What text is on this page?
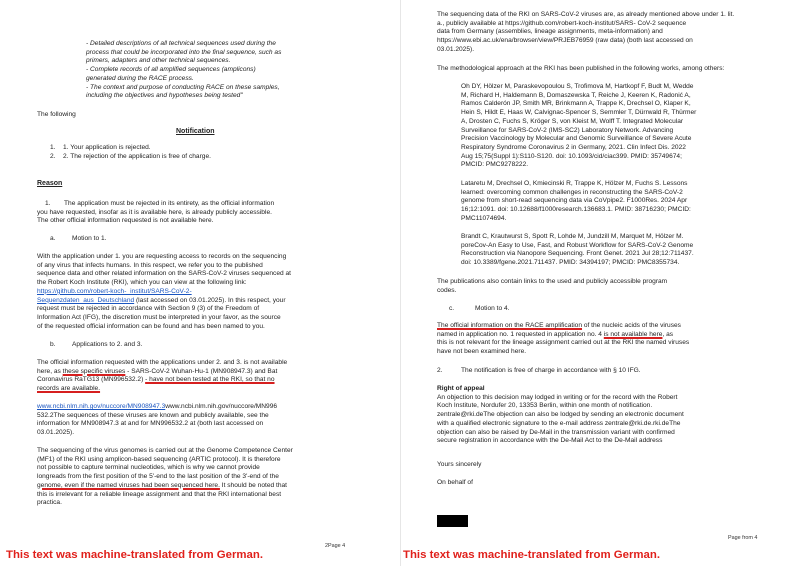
- Detailed descriptions of all technical sequences used during the

process that could be incorporated into the final sequence, such as

primers, adapters and other technical sequences.

- Complete records of all amplified sequences (amplicons)

generated during the RACE process.

- The context and purpose of conducting RACE on these samples,

including the objectives and hypotheses being tested"

The following

Notification

1. 1. Your application is rejected.

2. 2. The rejection of the application is free of charge.

Reason

1. The application must be rejected in its entirety, as the official information

you have requested, insofar as it is available here, is already publicly accessible.

The other official information requested is not available here.

a.	Motion to 1.

With the application under 1. you are requesting access to records on the sequencing

of any virus that infects humans. In this respect, we refer you to the published

sequence data and other related information on the SARS-CoV-2 viruses sequenced at

the Robert Koch Institute (RKI), which you can view at the following link:

https://github.com/robert-koch-_institut/SARS-CoV-2-

Sequenzdaten_aus_Deutschland (last accessed on 03.01.2025). In this respect, your

request must be rejected in accordance with Section 9 (3) of the Freedom of

Information Act (IFG), the discretion must be interpreted in your favor, as the source

of the requested official information can be found and has been named to you.

b.	Applications to 2. and 3.

The official information requested with the applications under 2. and 3. is not available

here, as these specific viruses - SARS-CoV-2 Wuhan-Hu-1 (MN908947.3) and Bat

Coronavirus RaTG13 (MN996532.2) - have not been tested at the RKI, so that no

records are available.

www.ncbi.nlm.nih.gov/nuccore/MN908947.3www.ncbi.nlm.nih.gov/nuccore/MN996

532.2The sequences of these viruses are known and publicly available, see the

information for MN908947.3 at and for MN996532.2 at (both last accessed on

03.01.2025).

The sequencing of the virus genomes is carried out at the Genome Competence Center

(MF1) of the RKI using amplicon-based sequencing (ARTIC protocol). It is therefore

not possible to capture terminal nucleotides, which is why we cannot provide

longreads from the first position of the 5'-end to the last position of the 3'-end of the

genome, even if the named viruses had been sequenced here. It should be noted that

this is irrelevant for a reliable lineage assignment and that the RKI international best

practica.

2Page 4
This text was machine-translated from German.

The sequencing data of the RKI on SARS-CoV-2 viruses are, as already mentioned above under 1. lit.

a., publicly available at https://github.com/robert-koch-institut/SARS- CoV-2 sequence

data from Germany (assemblies, lineage assignments, meta-information) and

https://www.ebi.ac.uk/ena/browser/view/PRJEB76959 (raw data) (both last accessed on

03.01.2025).

The methodological approach at the RKI has been published in the following works, among others:

Oh DY, Hölzer M, Paraskevopoulou S, Trofimova M, Hartkopf F, Budt M, Wedde

M, Richard H, Haldemann B, Domaszewska T, Reiche J, Keeren K, Radonić A,

Ramos Calderón JP, Smith MR, Brinkmann A, Trappe K, Drechsel O, Klaper K,

Hein S, Hildt E, Haas W, Calvignac-Spencer S, Semmler T, Dürrwald R, Thürmer

A, Drosten C, Fuchs S, Kröger S, von Kleist M, Wolff T. Integrated Molecular

Surveillance for SARS-CoV-2 (IMS-SC2) Laboratory Network. Advancing

Precision Vaccinology by Molecular and Genomic Surveillance of Severe Acute

Respiratory Syndrome Coronavirus 2 in Germany, 2021. Clin Infect Dis. 2022

Aug 15;75(Suppl 1):S110-S120. doi: 10.1093/cid/ciac399. PMID: 35749674;

PMCID: PMC9278222.

Lataretu M, Drechsel O, Kmiecinski R, Trappe K, Hölzer M, Fuchs S. Lessons

learned: overcoming common challenges in reconstructing the SARS-CoV-2

genome from short-read sequencing data via CoVpipe2. F1000Res. 2024 Apr

16;12:1091. doi: 10.12688/f1000research.136683.1. PMID: 38716230; PMCID:

PMC11074694.

Brandt C, Krautwurst S, Spott R, Lohde M, Jundzill M, Marquet M, Hölzer M.

poreCov-An Easy to Use, Fast, and Robust Workflow for SARS-CoV-2 Genome

Reconstruction via Nanopore Sequencing. Front Genet. 2021 Jul 28;12:711437.

doi: 10.3389/fgene.2021.711437. PMID: 34394197; PMCID: PMC8355734.

The publications also contain links to the used and publicly accessible program

codes.

c.	Motion to 4.

The official information on the RACE amplification of the nucleic acids of the viruses

named in application no. 1 requested in application no. 4 is not available here, as

this is not relevant for the lineage assignment carried out at the RKI the named viruses

have not been examined here.

2.	The notification is free of charge in accordance with § 10 IFG.

Right of appeal

An objection to this decision may lodged in writing or for the record with the Robert

Koch Institute, Nordufer 20, 13353 Berlin, within one month of notification.

zentrale@rki.deThe objection can also be lodged by sending an electronic document

with a qualified electronic signature to the e-mail address zentrale@rki.de.rki.deThe

objection can also be raised by De-Mail in the transmission variant with confirmed

secure registration in accordance with the De-Mail Act to the De-Mail address

Yours sincerely

On behalf of

Page from 4
This text was machine-translated from German.
